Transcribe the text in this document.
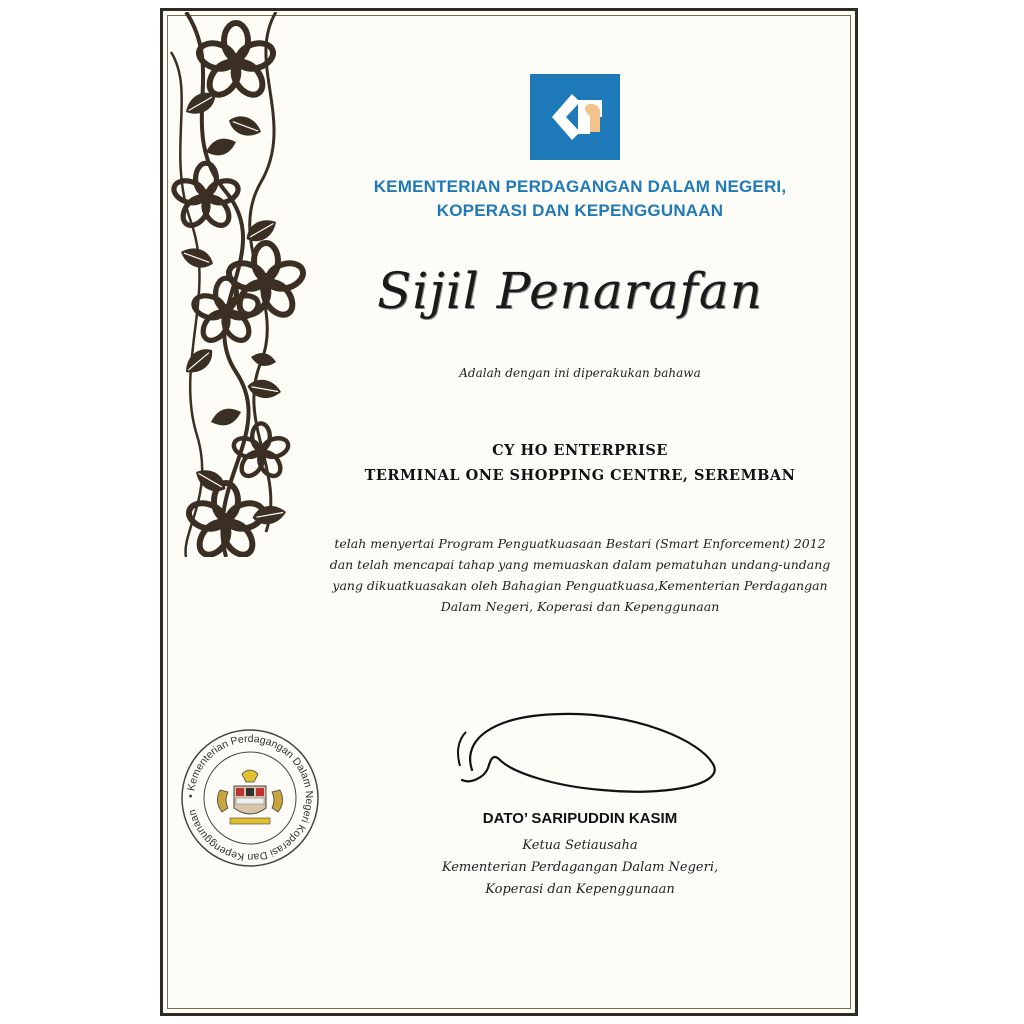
KEMENTERIAN PERDAGANGAN DALAM NEGERI,
KOPERASI DAN KEPENGGUNAAN
Sijil Penarafan
Adalah dengan ini diperakukan bahawa
CY HO ENTERPRISE
TERMINAL ONE SHOPPING CENTRE, SEREMBAN
telah menyertai Program Penguatkuasaan Bestari (Smart Enforcement) 2012
dan telah mencapai tahap yang memuaskan dalam pematuhan undang-undang
yang dikuatkuasakan oleh Bahagian Penguatkuasa,Kementerian Perdagangan
Dalam Negeri, Koperasi dan Kepenggunaan
• Kementerian Perdagangan Dalam Negeri Koperasi Dan Kepenggunaan	DATO’ SARIPUDDIN KASIM
Ketua Setiausaha
Kementerian Perdagangan Dalam Negeri,
Koperasi dan Kepenggunaan
